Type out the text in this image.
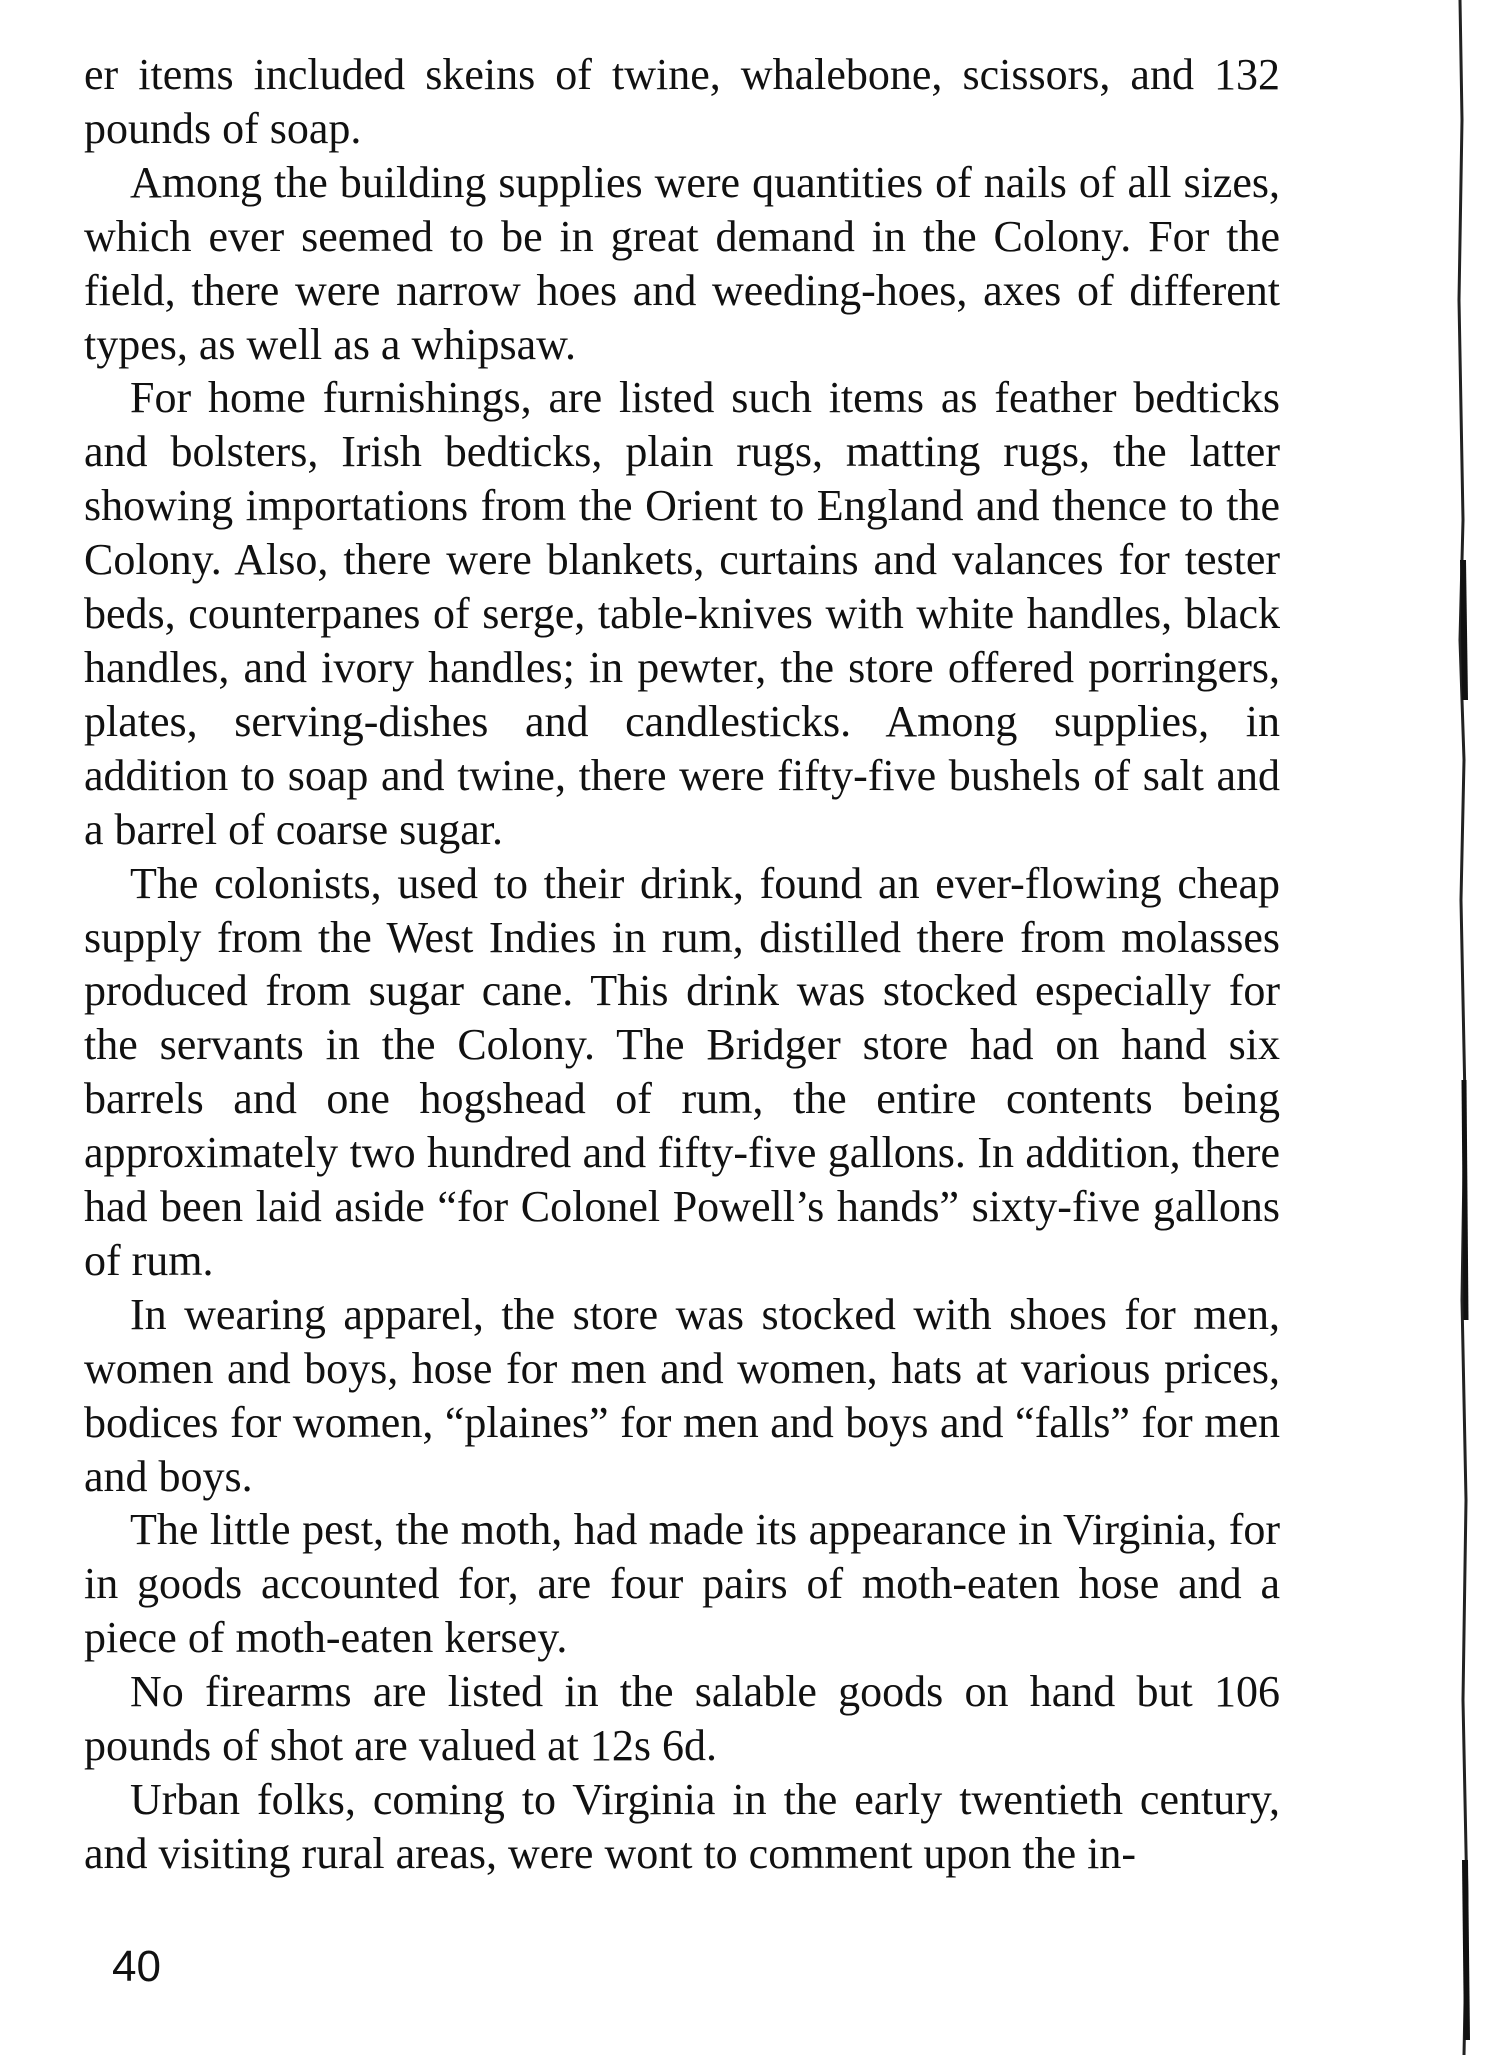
er items included skeins of twine, whalebone, scissors, and 132 pounds of soap.

Among the building supplies were quantities of nails of all sizes, which ever seemed to be in great demand in the Colony. For the field, there were narrow hoes and weeding-hoes, axes of different types, as well as a whipsaw.

For home furnishings, are listed such items as feather bedticks and bolsters, Irish bedticks, plain rugs, matting rugs, the latter showing importations from the Orient to England and thence to the Colony. Also, there were blankets, curtains and valances for tester beds, counterpanes of serge, table-knives with white handles, black handles, and ivory handles; in pewter, the store offered porringers, plates, serving-dishes and candlesticks. Among supplies, in addition to soap and twine, there were fifty-five bushels of salt and a barrel of coarse sugar.

The colonists, used to their drink, found an ever-flowing cheap supply from the West Indies in rum, distilled there from molasses produced from sugar cane. This drink was stocked especially for the servants in the Colony. The Bridger store had on hand six barrels and one hogshead of rum, the entire contents being approximately two hundred and fifty-five gallons. In addition, there had been laid aside “for Colonel Powell’s hands” sixty-five gallons of rum.

In wearing apparel, the store was stocked with shoes for men, women and boys, hose for men and women, hats at various prices, bodices for women, “plaines” for men and boys and “falls” for men and boys.

The little pest, the moth, had made its appearance in Virginia, for in goods accounted for, are four pairs of moth-eaten hose and a piece of moth-eaten kersey.

No firearms are listed in the salable goods on hand but 106 pounds of shot are valued at 12s 6d.

Urban folks, coming to Virginia in the early twentieth century, and visiting rural areas, were wont to comment upon the in-

40
